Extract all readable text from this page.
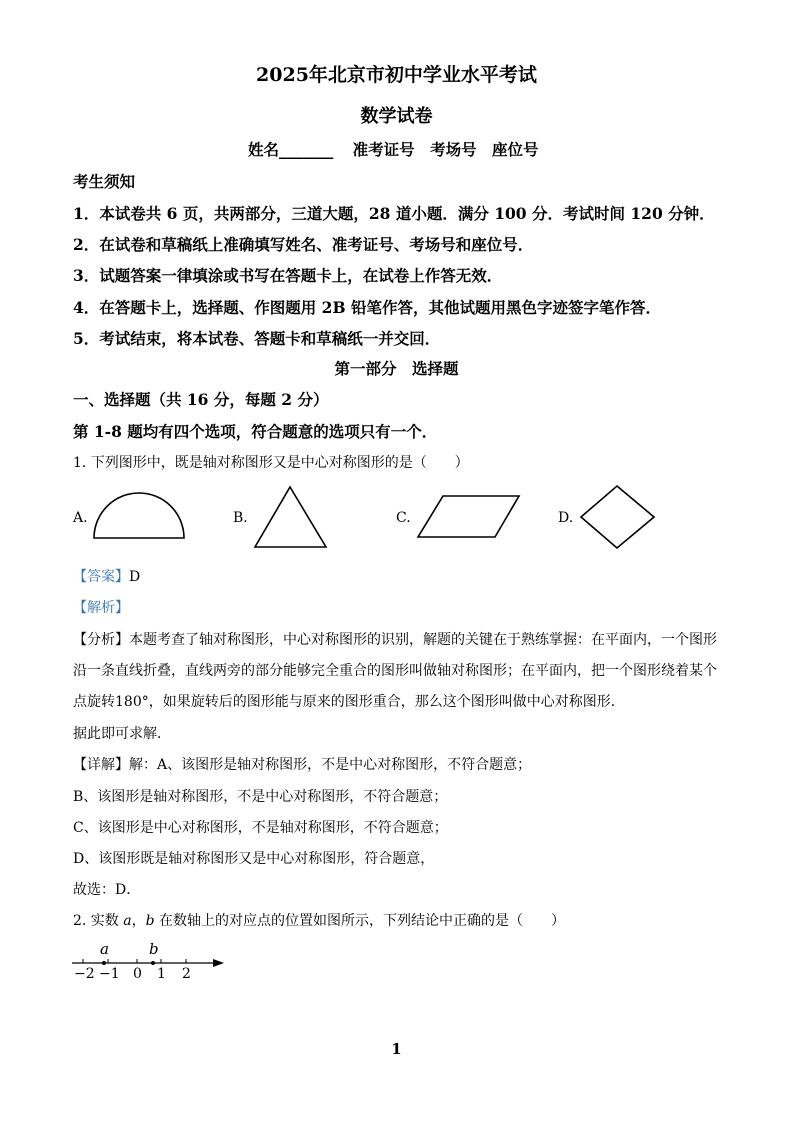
2025年北京市初中学业水平考试
数学试卷
姓名_______ 准考证号 考场号 座位号
考生须知
1．本试卷共 6 页，共两部分，三道大题，28 道小题．满分 100 分．考试时间 120 分钟．
2．在试卷和草稿纸上准确填写姓名、准考证号、考场号和座位号．
3．试题答案一律填涂或书写在答题卡上，在试卷上作答无效．
4．在答题卡上，选择题、作图题用 2B 铅笔作答，其他试题用黑色字迹签字笔作答．
5．考试结束，将本试卷、答题卡和草稿纸一并交回．
第一部分　选择题
一、选择题（共 16 分，每题 2 分）
第 1-8 题均有四个选项，符合题意的选项只有一个．
1. 下列图形中，既是轴对称图形又是中心对称图形的是（　　）
A.	B.	C.	D.
【答案】D
【解析】
【分析】本题考查了轴对称图形，中心对称图形的识别，解题的关键在于熟练掌握：在平面内，一个图形
沿一条直线折叠，直线两旁的部分能够完全重合的图形叫做轴对称图形；在平面内，把一个图形绕着某个
点旋转180°，如果旋转后的图形能与原来的图形重合，那么这个图形叫做中心对称图形．
据此即可求解．
【详解】解：A、该图形是轴对称图形，不是中心对称图形，不符合题意；
B、该图形是轴对称图形，不是中心对称图形，不符合题意；
C、该图形是中心对称图形，不是轴对称图形，不符合题意；
D、该图形既是轴对称图形又是中心对称图形，符合题意，
故选：D．
2. 实数 a，b 在数轴上的对应点的位置如图所示，下列结论中正确的是（　　）
a	b
−2 −1 0 1 2
1
